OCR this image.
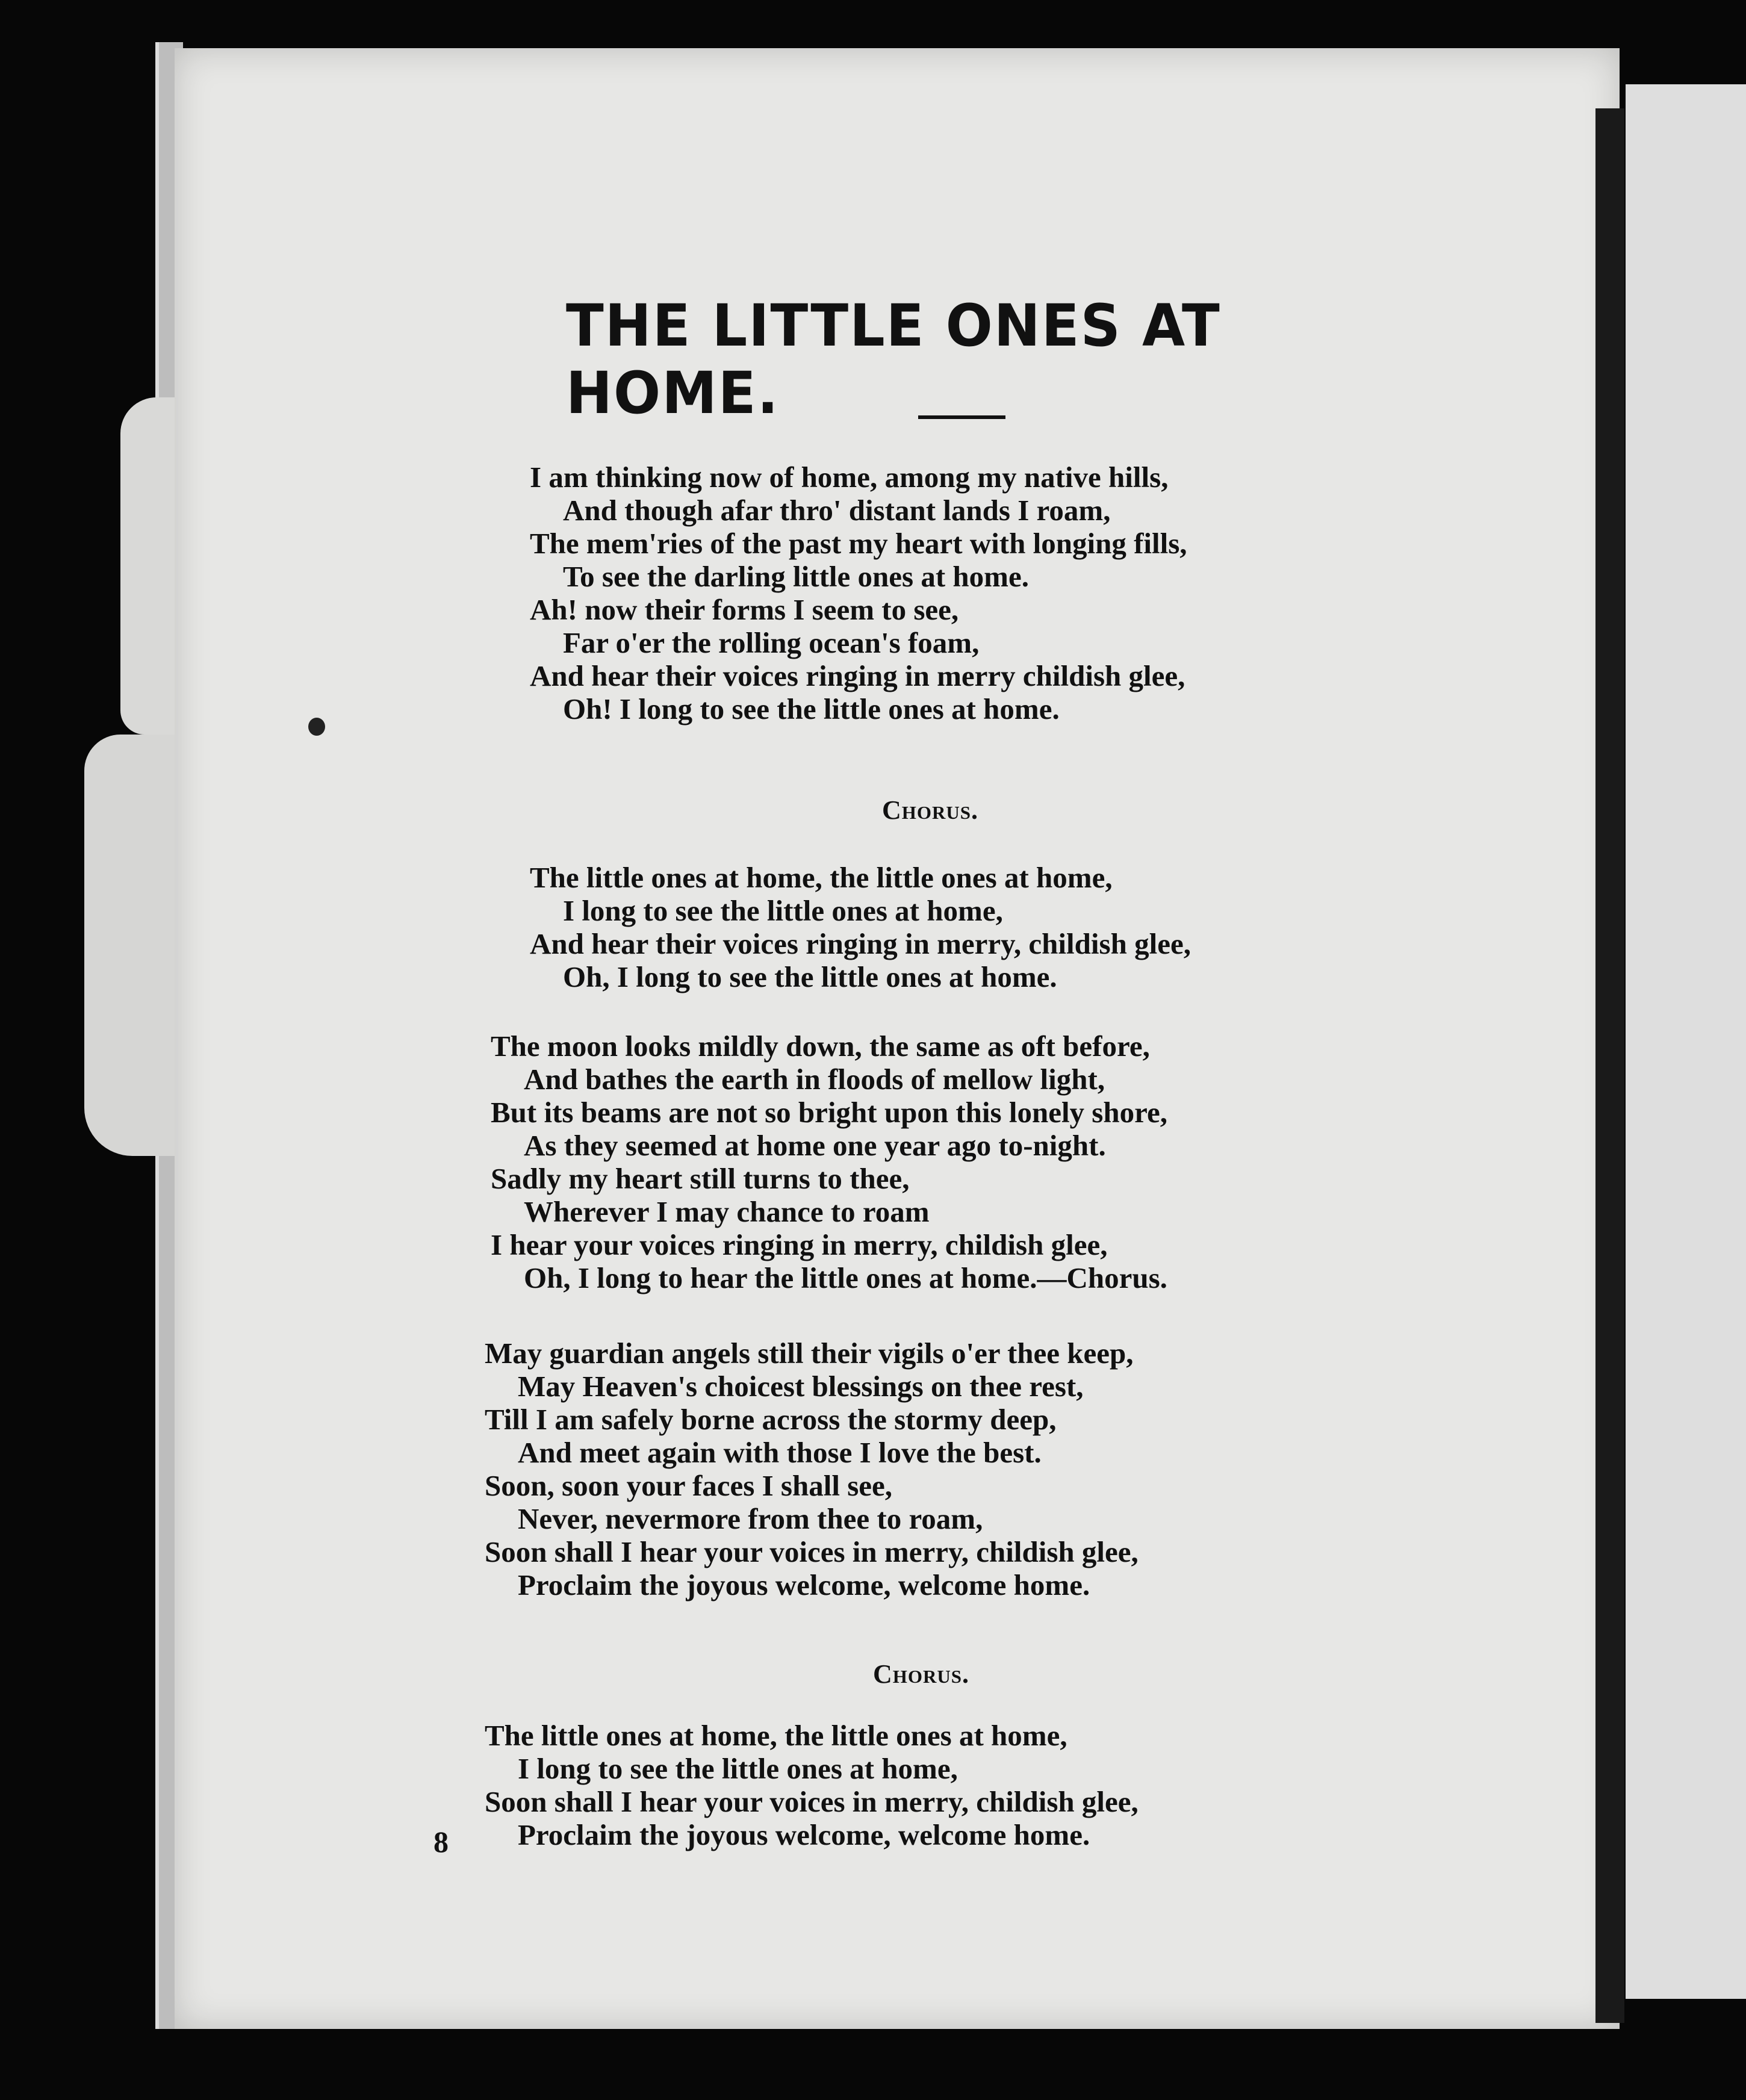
THE LITTLE ONES AT HOME.
I am thinking now of home, among my native hills,
And though afar thro' distant lands I roam,
The mem'ries of the past my heart with longing fills,
To see the darling little ones at home.
Ah! now their forms I seem to see,
Far o'er the rolling ocean's foam,
And hear their voices ringing in merry childish glee,
Oh! I long to see the little ones at home.
Chorus.
The little ones at home, the little ones at home,
I long to see the little ones at home,
And hear their voices ringing in merry, childish glee,
Oh, I long to see the little ones at home.
The moon looks mildly down, the same as oft before,
And bathes the earth in floods of mellow light,
But its beams are not so bright upon this lonely shore,
As they seemed at home one year ago to-night.
Sadly my heart still turns to thee,
Wherever I may chance to roam
I hear your voices ringing in merry, childish glee,
Oh, I long to hear the little ones at home.—Chorus.
May guardian angels still their vigils o'er thee keep,
May Heaven's choicest blessings on thee rest,
Till I am safely borne across the stormy deep,
And meet again with those I love the best.
Soon, soon your faces I shall see,
Never, nevermore from thee to roam,
Soon shall I hear your voices in merry, childish glee,
Proclaim the joyous welcome, welcome home.
Chorus.
The little ones at home, the little ones at home,
I long to see the little ones at home,
Soon shall I hear your voices in merry, childish glee,
Proclaim the joyous welcome, welcome home.
8
